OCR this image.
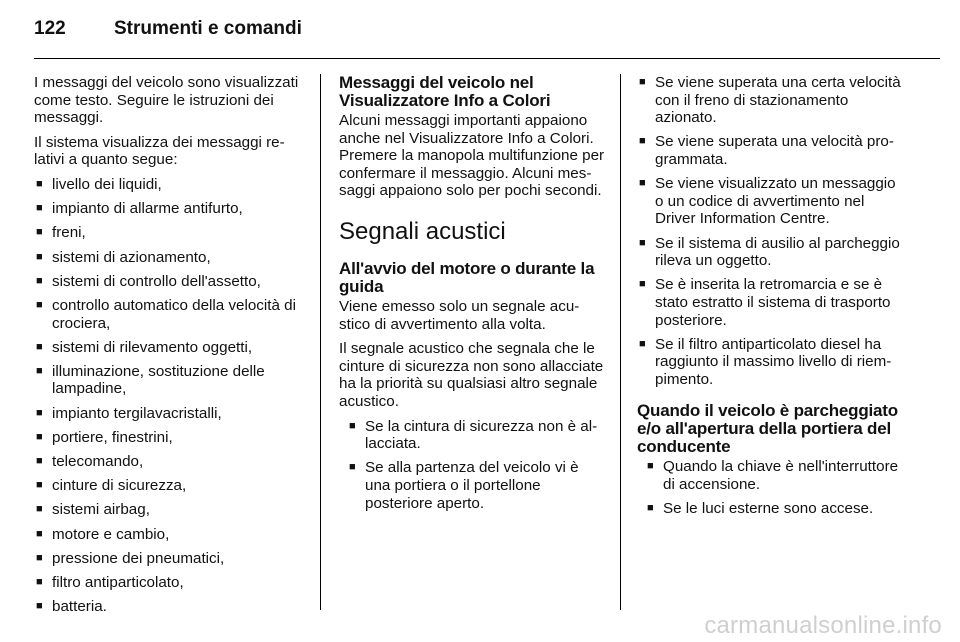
122	Strumenti e comandi

I messaggi del veicolo sono visualizzati come testo. Seguire le istruzioni dei messaggi.

Il sistema visualizza dei messaggi relativi a quanto segue:

■ livello dei liquidi,
■ impianto di allarme antifurto,
■ freni,
■ sistemi di azionamento,
■ sistemi di controllo dell'assetto,
■ controllo automatico della velocità di crociera,
■ sistemi di rilevamento oggetti,
■ illuminazione, sostituzione delle lampadine,
■ impianto tergilavacristalli,
■ portiere, finestrini,
■ telecomando,
■ cinture di sicurezza,
■ sistemi airbag,
■ motore e cambio,
■ pressione dei pneumatici,
■ filtro antiparticolato,
■ batteria.
Messaggi del veicolo nel Visualizzatore Info a Colori

Alcuni messaggi importanti appaiono anche nel Visualizzatore Info a Colori. Premere la manopola multifunzione per confermare il messaggio. Alcuni messaggi appaiono solo per pochi secondi.

Segnali acustici
All'avvio del motore o durante la guida

Viene emesso solo un segnale acustico di avvertimento alla volta.

Il segnale acustico che segnala che le cinture di sicurezza non sono allacciate ha la priorità su qualsiasi altro segnale acustico.

■ Se la cintura di sicurezza non è allacciata.
■ Se alla partenza del veicolo vi è una portiera o il portellone posteriore aperto.
■ Se viene superata una certa velocità con il freno di stazionamento azionato.
■ Se viene superata una velocità programmata.
■ Se viene visualizzato un messaggio o un codice di avvertimento nel Driver Information Centre.
■ Se il sistema di ausilio al parcheggio rileva un oggetto.
■ Se è inserita la retromarcia e se è stato estratto il sistema di trasporto posteriore.
■ Se il filtro antiparticolato diesel ha raggiunto il massimo livello di riempimento.
Quando il veicolo è parcheggiato e/o all'apertura della portiera del conducente
■ Quando la chiave è nell'interruttore di accensione.
■ Se le luci esterne sono accese.
carmanualsonline.info
